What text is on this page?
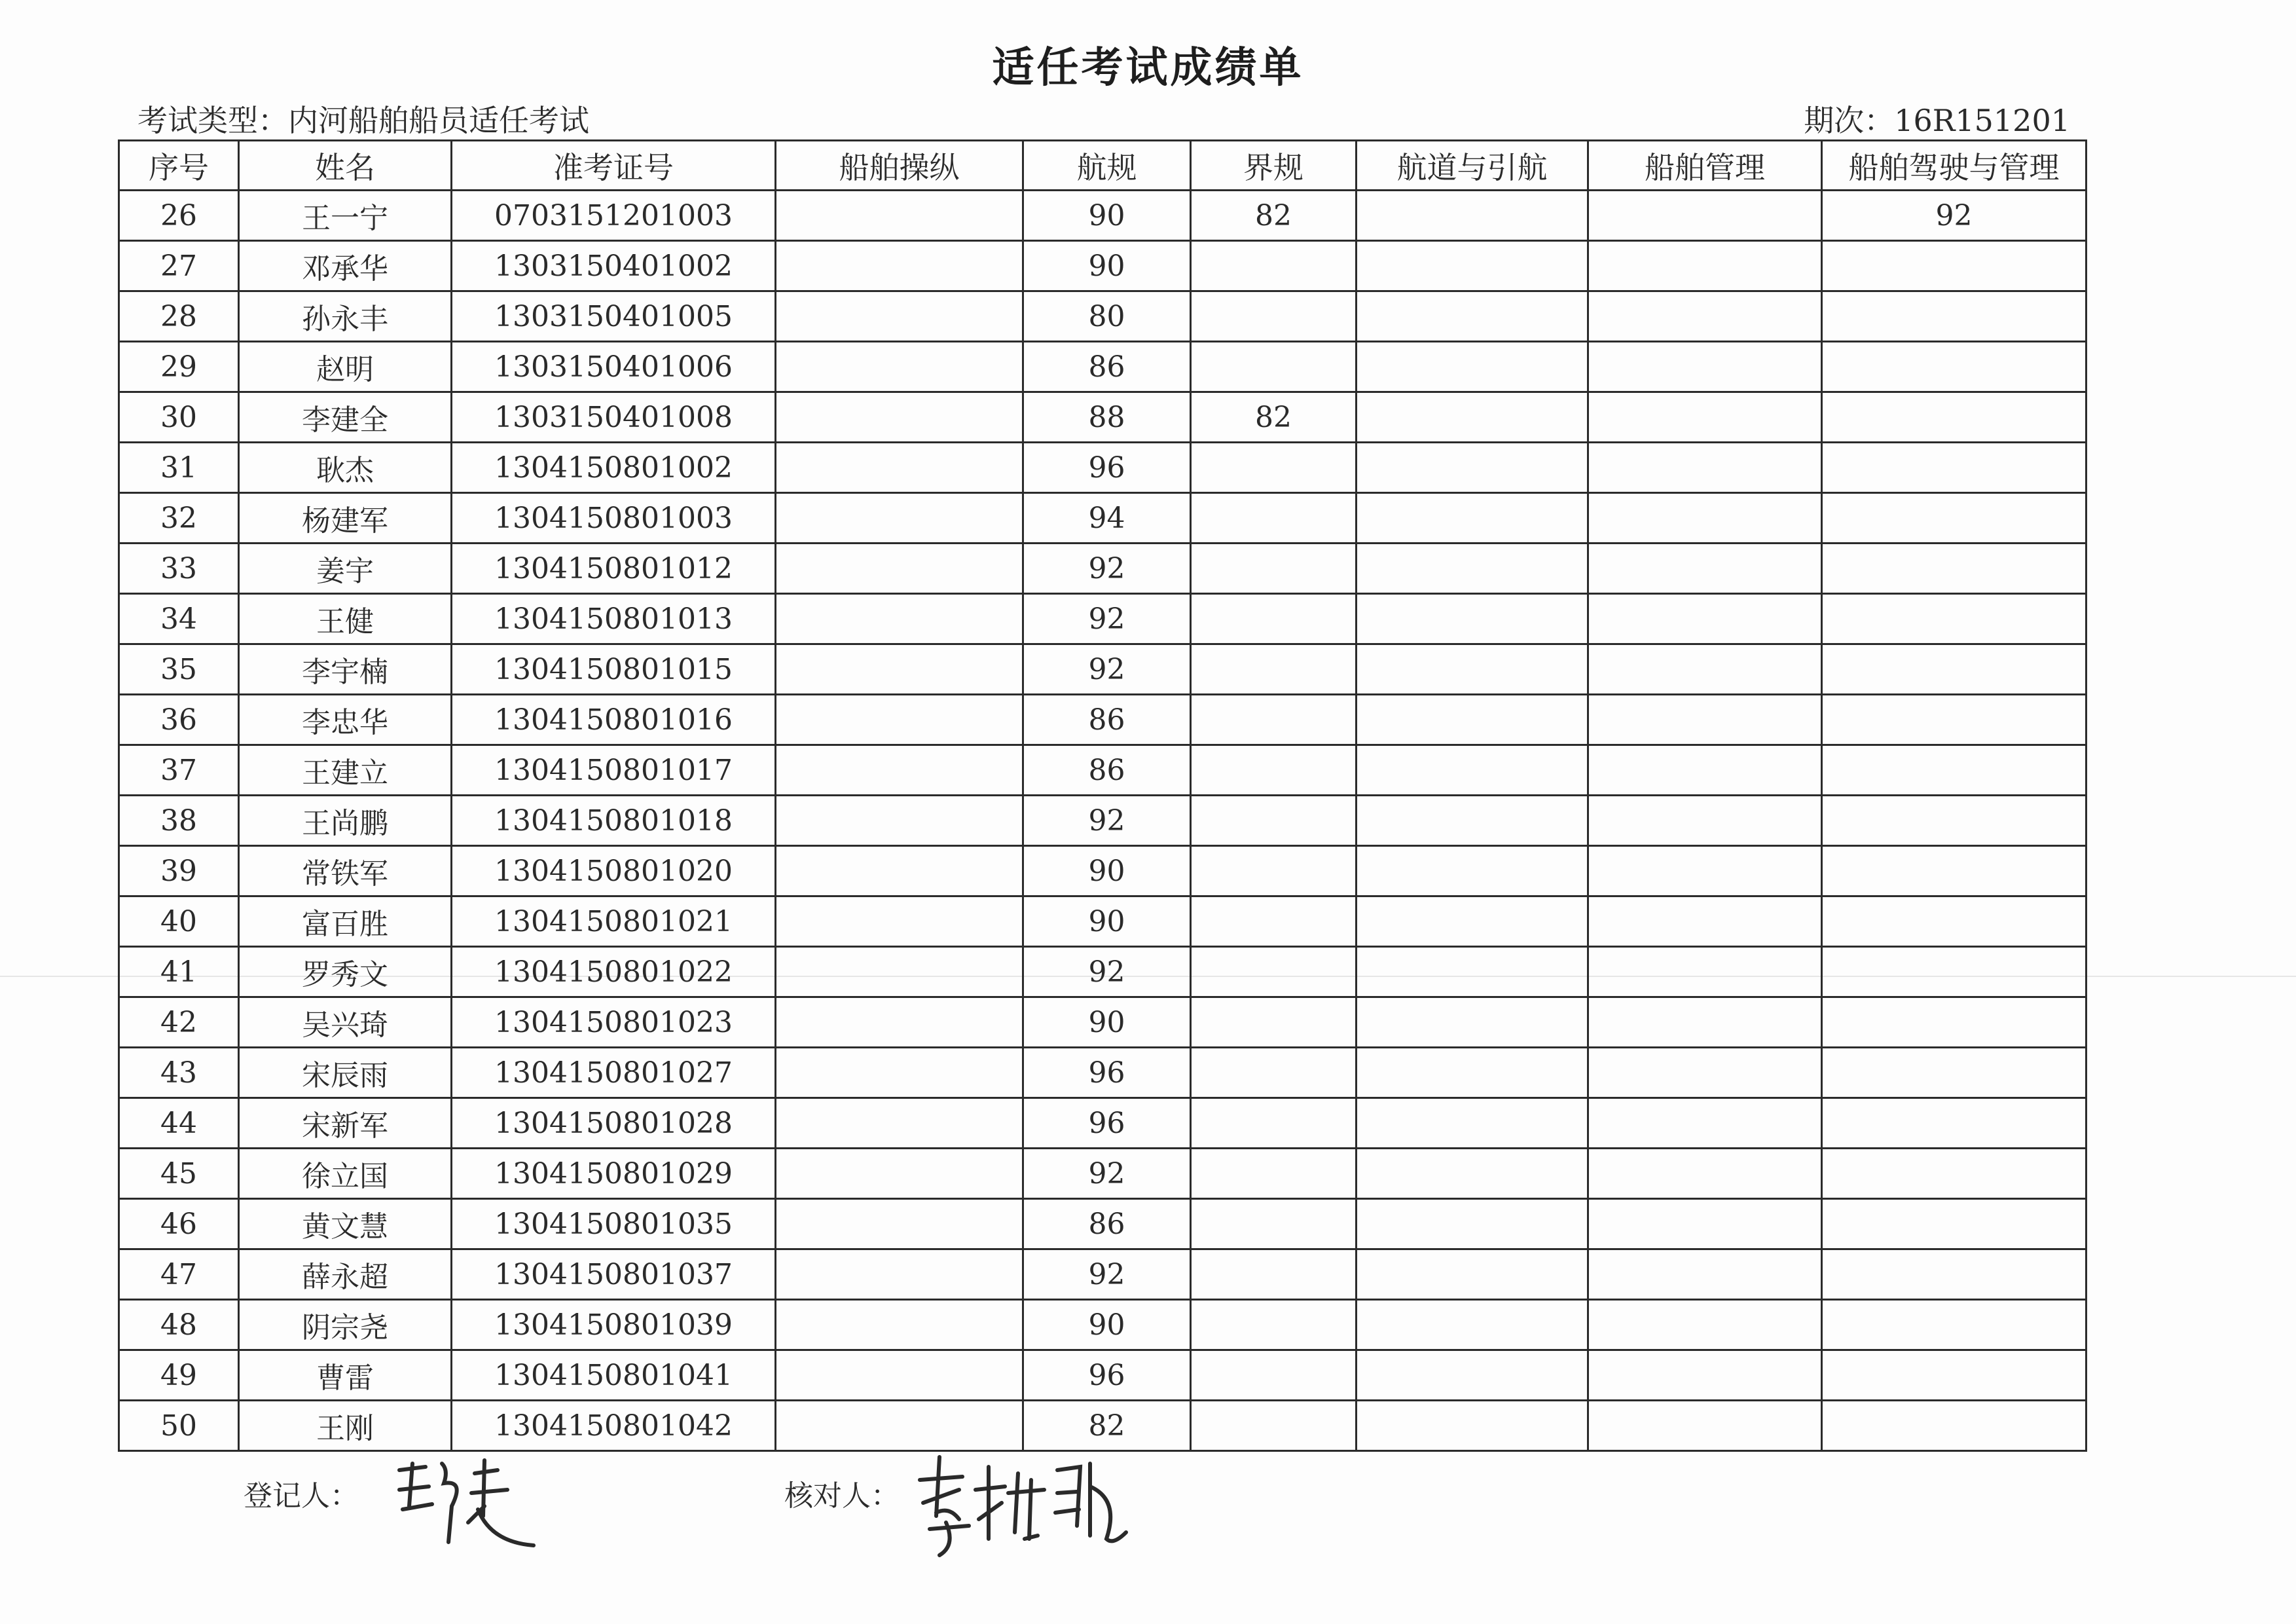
适任考试成绩单
考试类型：内河船舶船员适任考试	期次：16R151201
序号	姓名	准考证号	船舶操纵	航规	界规	航道与引航	船舶管理	船舶驾驶与管理
26	王一宁	0703151201003		90	82			92
27	邓承华	1303150401002		90				
28	孙永丰	1303150401005		80				
29	赵明	1303150401006		86				
30	李建全	1303150401008		88	82			
31	耿杰	1304150801002		96				
32	杨建军	1304150801003		94				
33	姜宇	1304150801012		92				
34	王健	1304150801013		92				
35	李宇楠	1304150801015		92				
36	李忠华	1304150801016		86				
37	王建立	1304150801017		86				
38	王尚鹏	1304150801018		92				
39	常铁军	1304150801020		90				
40	富百胜	1304150801021		90				
41	罗秀文	1304150801022		92				
42	吴兴琦	1304150801023		90				
43	宋辰雨	1304150801027		96				
44	宋新军	1304150801028		96				
45	徐立国	1304150801029		92				
46	黄文慧	1304150801035		86				
47	薛永超	1304150801037		92				
48	阴宗尧	1304150801039		90				
49	曹雷	1304150801041		96				
50	王刚	1304150801042		82				
登记人：	核对人：
